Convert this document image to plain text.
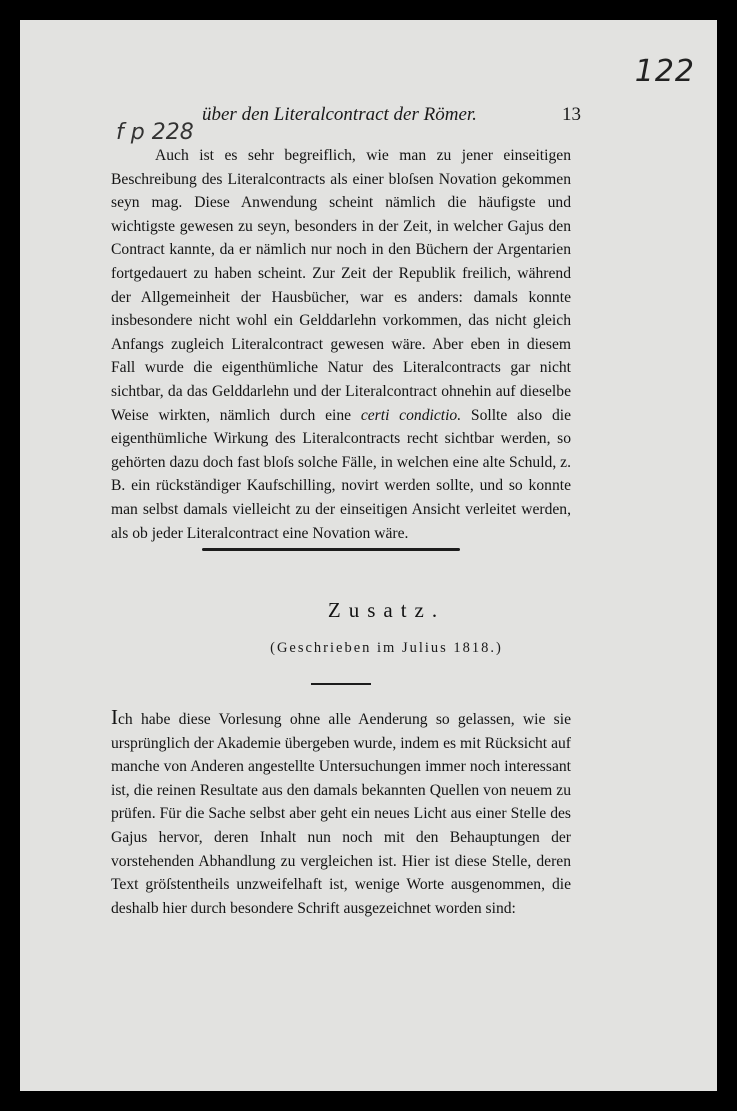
122
über den Literalcontract der Römer.	13
f p 228

Auch ist es sehr begreiflich, wie man zu jener einseitigen Beschreibung des Literalcontracts als einer bloſsen Novation gekommen seyn mag. Diese Anwendung scheint nämlich die häufigste und wichtigste gewesen zu seyn, besonders in der Zeit, in welcher Gajus den Contract kannte, da er nämlich nur noch in den Büchern der Argentarien fortgedauert zu haben scheint. Zur Zeit der Republik freilich, während der Allgemeinheit der Hausbücher, war es anders: damals konnte insbesondere nicht wohl ein Gelddarlehn vorkommen, das nicht gleich Anfangs zugleich Literalcontract gewesen wäre. Aber eben in diesem Fall wurde die eigenthümliche Natur des Literalcontracts gar nicht sichtbar, da das Gelddarlehn und der Literalcontract ohnehin auf dieselbe Weise wirkten, nämlich durch eine certi condictio. Sollte also die eigenthümliche Wirkung des Literalcontracts recht sichtbar werden, so gehörten dazu doch fast bloſs solche Fälle, in welchen eine alte Schuld, z. B. ein rückständiger Kaufschilling, novirt werden sollte, und so konnte man selbst damals vielleicht zu der einseitigen Ansicht verleitet werden, als ob jeder Literalcontract eine Novation wäre.

Zusatz.
(Geschrieben im Julius 1818.)

Ich habe diese Vorlesung ohne alle Aenderung so gelassen, wie sie ursprünglich der Akademie übergeben wurde, indem es mit Rücksicht auf manche von Anderen angestellte Untersuchungen immer noch interessant ist, die reinen Resultate aus den damals bekannten Quellen von neuem zu prüfen. Für die Sache selbst aber geht ein neues Licht aus einer Stelle des Gajus hervor, deren Inhalt nun noch mit den Behauptungen der vorstehenden Abhandlung zu vergleichen ist. Hier ist diese Stelle, deren Text gröſstentheils unzweifelhaft ist, wenige Worte ausgenommen, die deshalb hier durch besondere Schrift ausgezeichnet worden sind:
